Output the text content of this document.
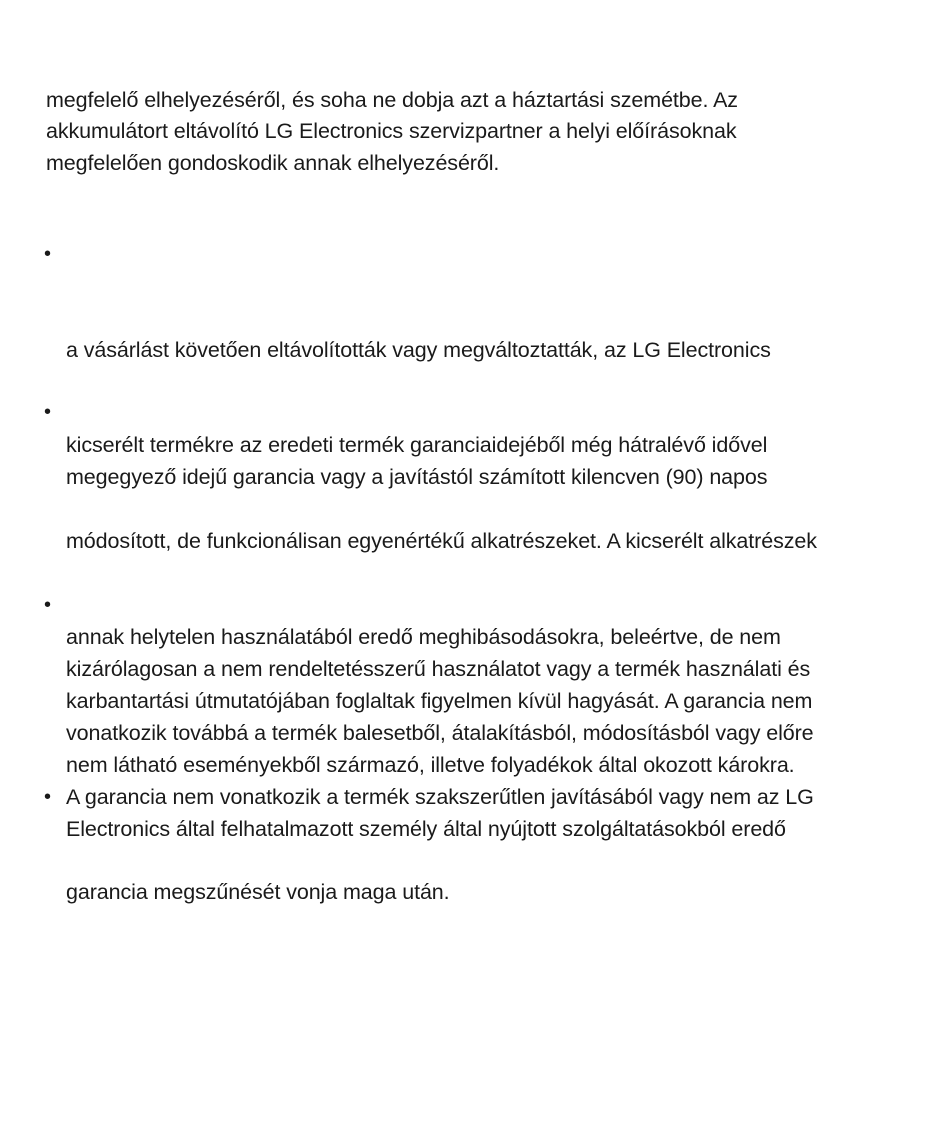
megfelelő elhelyezéséről, és soha ne dobja azt a háztartási szemétbe. Az
akkumulátort eltávolító LG Electronics szervizpartner a helyi előírásoknak
megfelelően gondoskodik annak elhelyezéséről.
•
a vásárlást követően eltávolították vagy megváltoztatták, az LG Electronics
•
kicserélt termékre az eredeti termék garanciaidejéből még hátralévő idővel
megegyező idejű garancia vagy a javítástól számított kilencven (90) napos
módosított, de funkcionálisan egyenértékű alkatrészeket. A kicserélt alkatrészek
•
annak helytelen használatából eredő meghibásodásokra, beleértve, de nem
kizárólagosan a nem rendeltetésszerű használatot vagy a termék használati és
karbantartási útmutatójában foglaltak figyelmen kívül hagyását. A garancia nem
vonatkozik továbbá a termék balesetből, átalakításból, módosításból vagy előre
nem látható eseményekből származó, illetve folyadékok által okozott károkra.
• A garancia nem vonatkozik a termék szakszerűtlen javításából vagy nem az LG
Electronics által felhatalmazott személy által nyújtott szolgáltatásokból eredő
garancia megszűnését vonja maga után.
